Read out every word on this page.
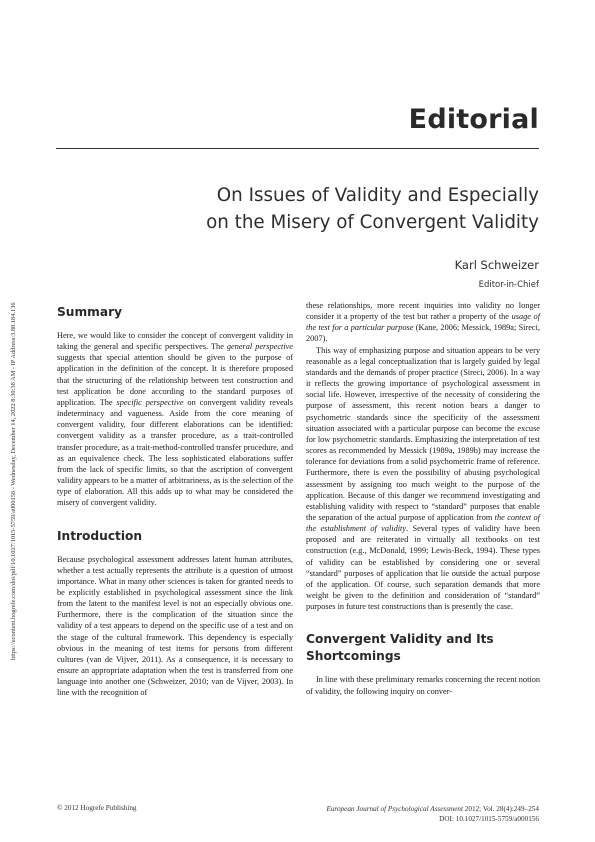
https://econtent.hogrefe.com/doi/pdf/10.1027/1015-5759/a000156 - Wednesday, December 14, 2022 8:30:38 AM - IP Address:3.88.184.136
Editorial
On Issues of Validity and Especially
on the Misery of Convergent Validity
Karl Schweizer
Editor-in-Chief
Summary

Here, we would like to consider the concept of convergent validity in taking the general and specific perspectives. The general perspective suggests that special attention should be given to the purpose of application in the definition of the concept. It is therefore proposed that the structuring of the relationship between test construction and test application be done according to the standard purposes of application. The specific perspective on convergent validity reveals indeterminacy and vagueness. Aside from the core meaning of convergent validity, four different elaborations can be identified: convergent validity as a transfer procedure, as a trait-controlled transfer procedure, as a trait-method-controlled transfer procedure, and as an equivalence check. The less sophisticated elaborations suffer from the lack of specific limits, so that the ascription of convergent validity appears to be a matter of arbitrariness, as is the selection of the type of elaboration. All this adds up to what may be considered the misery of convergent validity.

Introduction

Because psychological assessment addresses latent human attributes, whether a test actually represents the attribute is a question of utmost importance. What in many other sciences is taken for granted needs to be explicitly established in psychological assessment since the link from the latent to the manifest level is not an especially obvious one. Furthermore, there is the complication of the situation since the validity of a test appears to depend on the specific use of a test and on the stage of the cultural framework. This dependency is especially obvious in the meaning of test items for persons from different cultures (van de Vijver, 2011). As a consequence, it is necessary to ensure an appropriate adaptation when the test is transferred from one language into another one (Schweizer, 2010; van de Vijver, 2003). In line with the recognition of

these relationships, more recent inquiries into validity no longer consider it a property of the test but rather a property of the usage of the test for a particular purpose (Kane, 2006; Messick, 1989a; Sireci, 2007).

This way of emphasizing purpose and situation appears to be very reasonable as a legal conceptualization that is largely guided by legal standards and the demands of proper practice (Sireci, 2006). In a way it reflects the growing importance of psychological assessment in social life. However, irrespective of the necessity of considering the purpose of assessment, this recent notion bears a danger to psychometric standards since the specificity of the assessment situation associated with a particular purpose can become the excuse for low psychometric standards. Emphasizing the interpretation of test scores as recommended by Messick (1989a, 1989b) may increase the tolerance for deviations from a solid psychometric frame of reference. Furthermore, there is even the possibility of abusing psychological assessment by assigning too much weight to the purpose of the application. Because of this danger we recommend investigating and establishing validity with respect to “standard” purposes that enable the separation of the actual purpose of application from the context of the establishment of validity. Several types of validity have been proposed and are reiterated in virtually all textbooks on test construction (e.g., McDonald, 1999; Lewis-Beck, 1994). These types of validity can be established by considering one or several “standard” purposes of application that lie outside the actual purpose of the application. Of course, such separation demands that more weight be given to the definition and consideration of “standard” purposes in future test constructions than is presently the case.

Convergent Validity and Its
Shortcomings

In line with these preliminary remarks concerning the recent notion of validity, the following inquiry on conver-

© 2012 Hogrefe Publishing	European Journal of Psychological Assessment 2012; Vol. 28(4):249–254
DOI: 10.1027/1015-5759/a000156
